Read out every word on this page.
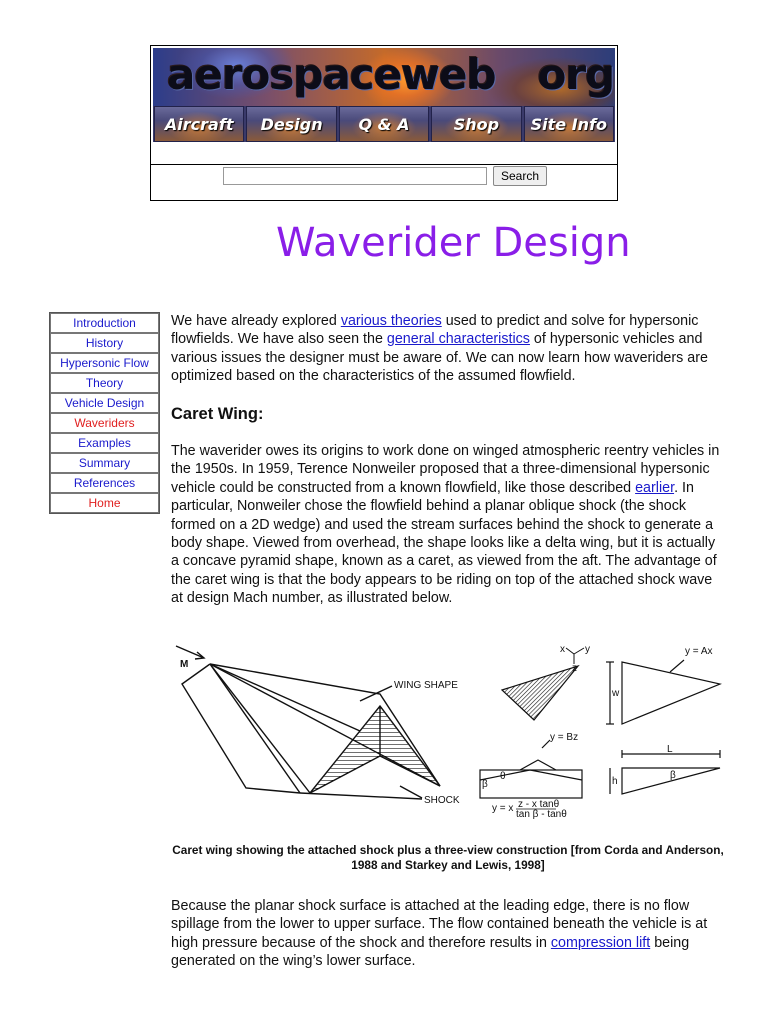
aerospaceweb org
Aircraft	Design	Q & A	Shop	Site Info
Search
Waverider Design
Introduction
History
Hypersonic Flow
Theory
Vehicle Design
Waveriders
Examples
Summary
References
Home

We have already explored various theories used to predict and solve for hypersonic flowfields. We have also seen the general characteristics of hypersonic vehicles and various issues the designer must be aware of. We can now learn how waveriders are optimized based on the characteristics of the assumed flowfield.

Caret Wing:

The waverider owes its origins to work done on winged atmospheric reentry vehicles in the 1950s. In 1959, Terence Nonweiler proposed that a three-dimensional hypersonic vehicle could be constructed from a known flowfield, like those described earlier. In particular, Nonweiler chose the flowfield behind a planar oblique shock (the shock formed on a 2D wedge) and used the stream surfaces behind the shock to generate a body shape. Viewed from overhead, the shape looks like a delta wing, but it is actually a concave pyramid shape, known as a caret, as viewed from the aft. The advantage of the caret wing is that the body appears to be riding on top of the attached shock wave at design Mach number, as illustrated below.

Because the planar shock surface is attached at the leading edge, there is no flow spillage from the lower to upper surface. The flow contained beneath the vehicle is at high pressure because of the shock and therefore results in compression lift being generated on the wing’s lower surface.

M
WING SHAPE
SHOCK
x y	y = Ax
w
y = Bz
β
θ
y = x z - x tanθ
tan β - tanθ
L
h
β
Caret wing showing the attached shock plus a three-view construction [from Corda and Anderson, 1988 and Starkey and Lewis, 1998]
